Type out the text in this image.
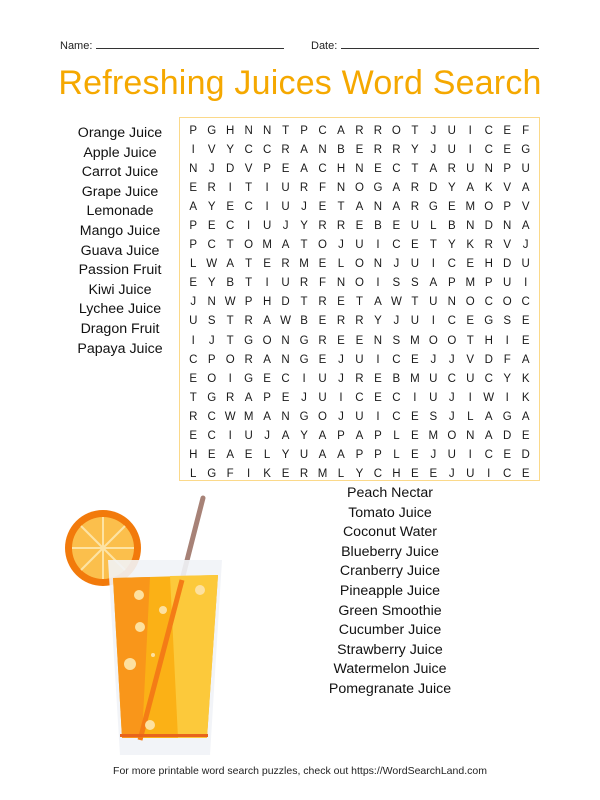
Name:	Date:
Refreshing Juices Word Search
Orange Juice
Apple Juice
Carrot Juice
Grape Juice
Lemonade
Mango Juice
Guava Juice
Passion Fruit
Kiwi Juice
Lychee Juice
Dragon Fruit
Papaya Juice
P G H N N T P C A R R O T	J U	I	C E F
I	V Y C C R A N B E R R Y	J U	I	C E G
N J D V P E A C H N E C T A R U N P U
E R	I	T	I	U R F N O G A R D Y A K V A
A Y E C	I	U J	E T A N A R G E M O P V
P E C	I	U J	Y R R E B E U L B N D N A
P C T O M A T O J U	I	C E T Y K R V	J
L W A T E R M E L O N J U	I	C E H D U
E Y B T	I	U R F N O	I	S S A P M P U	I
J N W P H D T R E T A W T U N O C O C
U S T R A W B E R R Y	J U	I	C E G S E
I	J	T G O N G R E E N S M O O T H	I	E
C P O R A N G E	J U	I	C E	J	J	V D F A
E O	I	G E C	I	U J R E B M U C U C Y K
T G R A P E	J U	I	C E C	I	U J	I W I	K
R C W M A N G O J U	I	C E S	J	L A G A
E C	I	U J	A Y A P A P L E M O N A D E
H E A E L Y U A A P P L E	J U	I	C E D
L G F	I	K E R M L Y C H E E	J U	I	C E
Peach Nectar
Tomato Juice
Coconut Water
Blueberry Juice
Cranberry Juice
Pineapple Juice
Green Smoothie
Cucumber Juice
Strawberry Juice
Watermelon Juice
Pomegranate Juice
For more printable word search puzzles, check out https://WordSearchLand.com
